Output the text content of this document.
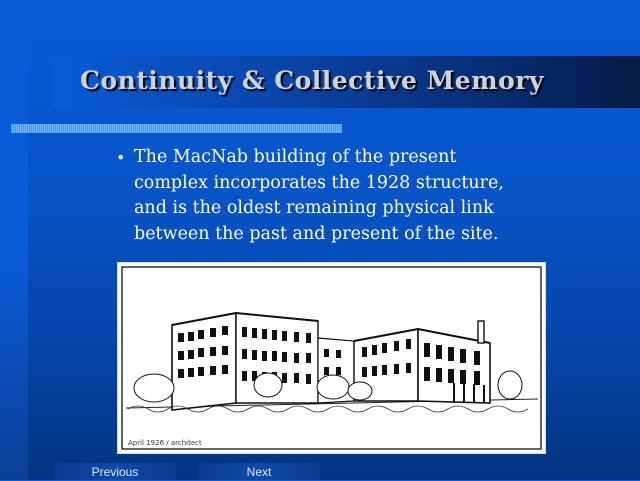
Continuity & Collective Memory
• The MacNab building of the present
complex incorporates the 1928 structure,
and is the oldest remaining physical link
between the past and present of the site.
April 1926 / architect
Previous	Next
